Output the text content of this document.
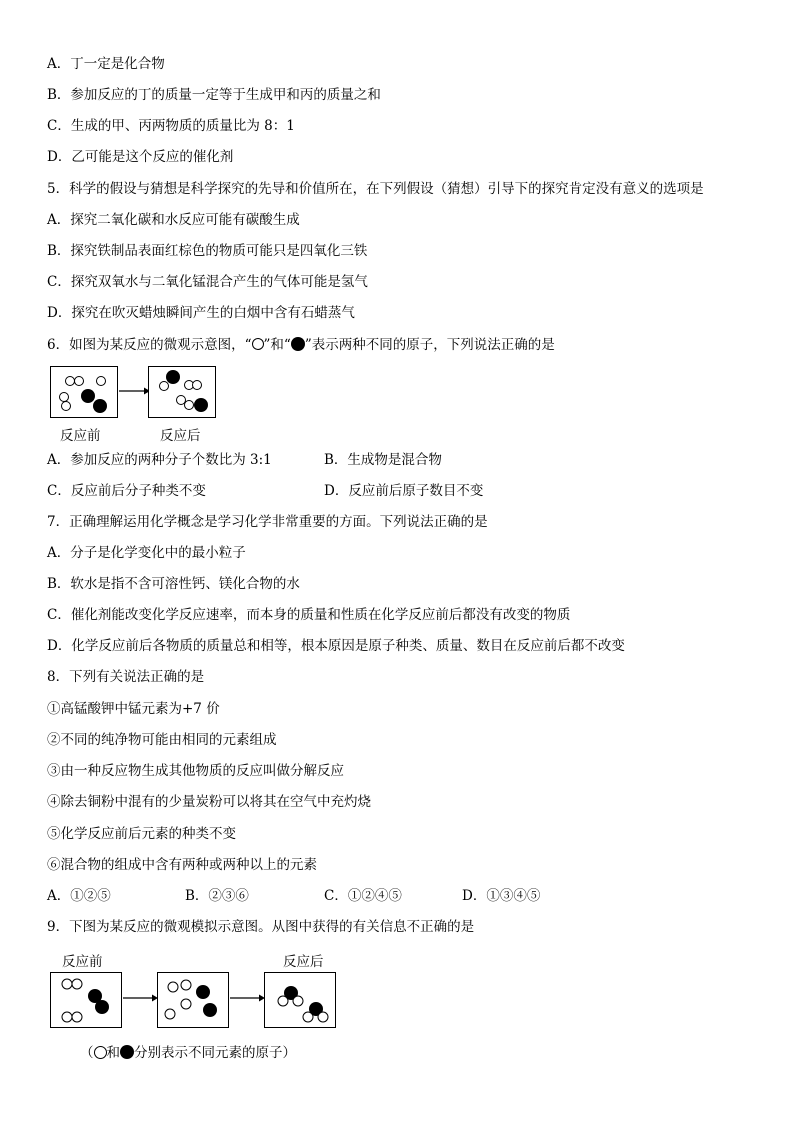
A．丁一定是化合物
B．参加反应的丁的质量一定等于生成甲和丙的质量之和
C．生成的甲、丙两物质的质量比为 8：1
D．乙可能是这个反应的催化剂
5．科学的假设与猜想是科学探究的先导和价值所在，在下列假设（猜想）引导下的探究肯定没有意义的选项是
A．探究二氧化碳和水反应可能有碳酸生成
B．探究铁制品表面红棕色的物质可能只是四氧化三铁
C．探究双氧水与二氧化锰混合产生的气体可能是氢气
D．探究在吹灭蜡烛瞬间产生的白烟中含有石蜡蒸气
6．如图为某反应的微观示意图，“ ”和“ ”表示两种不同的原子，下列说法正确的是
反应前	反应后
A．参加反应的两种分子个数比为 3:1	B．生成物是混合物
C．反应前后分子种类不变	D．反应前后原子数目不变
7．正确理解运用化学概念是学习化学非常重要的方面。下列说法正确的是
A．分子是化学变化中的最小粒子
B．软水是指不含可溶性钙、镁化合物的水
C．催化剂能改变化学反应速率，而本身的质量和性质在化学反应前后都没有改变的物质
D．化学反应前后各物质的质量总和相等，根本原因是原子种类、质量、数目在反应前后都不改变
8．下列有关说法正确的是
①高锰酸钾中锰元素为+7 价
②不同的纯净物可能由相同的元素组成
③由一种反应物生成其他物质的反应叫做分解反应
④除去铜粉中混有的少量炭粉可以将其在空气中充灼烧
⑤化学反应前后元素的种类不变
⑥混合物的组成中含有两种或两种以上的元素
A．①②⑤	B．②③⑥	C．①②④⑤	D．①③④⑤
9．下图为某反应的微观模拟示意图。从图中获得的有关信息不正确的是
反应前	反应后
（ 和 分别表示不同元素的原子）
